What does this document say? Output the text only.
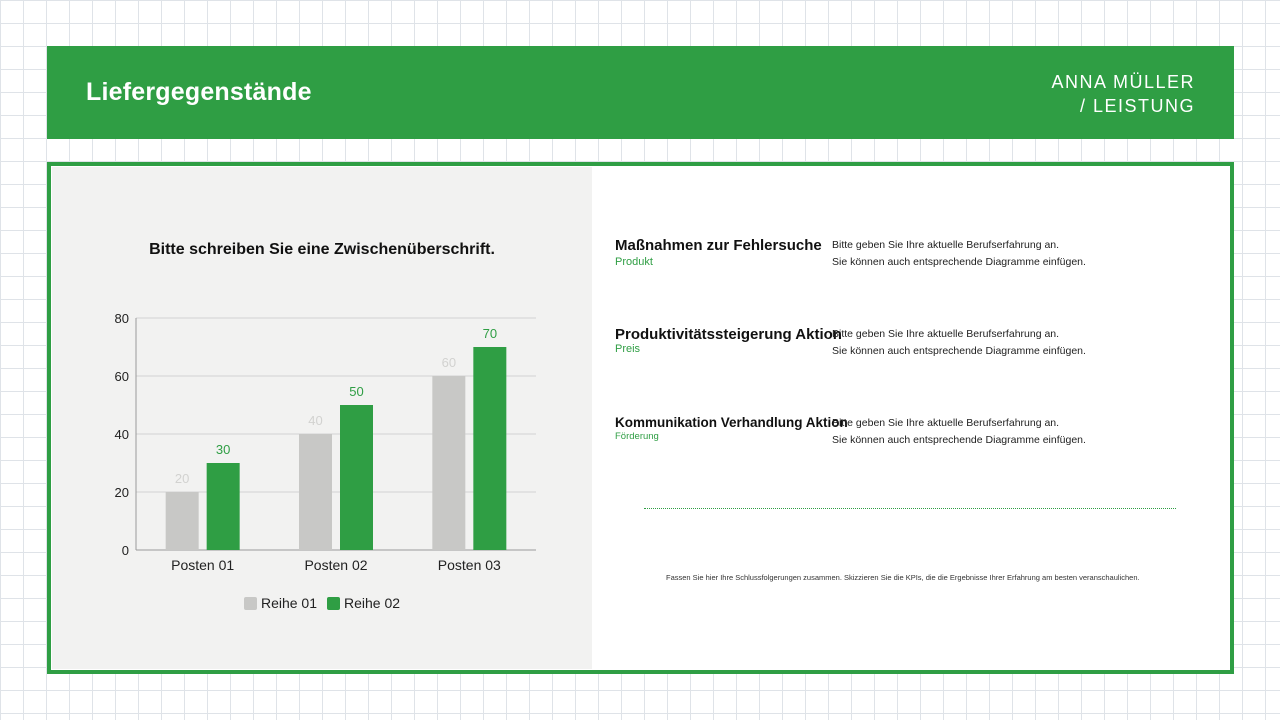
Liefergegenstände	ANNA MÜLLER
/ LEISTUNG
Bitte schreiben Sie eine Zwischenüberschrift.
0
20
40
60
80
20
30
Posten 01
40
50
Posten 02
60
70
Posten 03
Reihe 01 Reihe 02
Maßnahmen zur Fehlersuche
Produkt
Bitte geben Sie Ihre aktuelle Berufserfahrung an.
Sie können auch entsprechende Diagramme einfügen.
Produktivitätssteigerung Aktion
Preis
Bitte geben Sie Ihre aktuelle Berufserfahrung an.
Sie können auch entsprechende Diagramme einfügen.
Kommunikation Verhandlung Aktion
Förderung
Bitte geben Sie Ihre aktuelle Berufserfahrung an.
Sie können auch entsprechende Diagramme einfügen.
Fassen Sie hier Ihre Schlussfolgerungen zusammen. Skizzieren Sie die KPIs, die die Ergebnisse Ihrer Erfahrung am besten veranschaulichen.
